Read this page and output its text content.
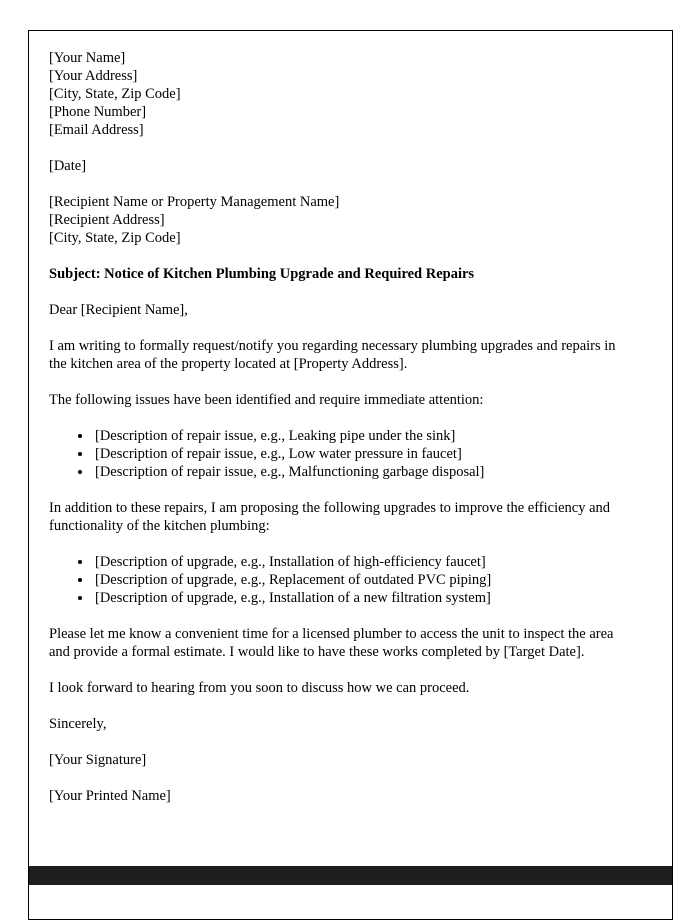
[Your Name]
[Your Address]
[City, State, Zip Code]
[Phone Number]
[Email Address]
[Date]
[Recipient Name or Property Management Name]
[Recipient Address]
[City, State, Zip Code]
Subject: Notice of Kitchen Plumbing Upgrade and Required Repairs
Dear [Recipient Name],
I am writing to formally request/notify you regarding necessary plumbing upgrades and repairs in the kitchen area of the property located at [Property Address].
The following issues have been identified and require immediate attention:
• [Description of repair issue, e.g., Leaking pipe under the sink]
• [Description of repair issue, e.g., Low water pressure in faucet]
• [Description of repair issue, e.g., Malfunctioning garbage disposal]
In addition to these repairs, I am proposing the following upgrades to improve the efficiency and functionality of the kitchen plumbing:
• [Description of upgrade, e.g., Installation of high-efficiency faucet]
• [Description of upgrade, e.g., Replacement of outdated PVC piping]
• [Description of upgrade, e.g., Installation of a new filtration system]
Please let me know a convenient time for a licensed plumber to access the unit to inspect the area and provide a formal estimate. I would like to have these works completed by [Target Date].
I look forward to hearing from you soon to discuss how we can proceed.
Sincerely,
[Your Signature]
[Your Printed Name]
